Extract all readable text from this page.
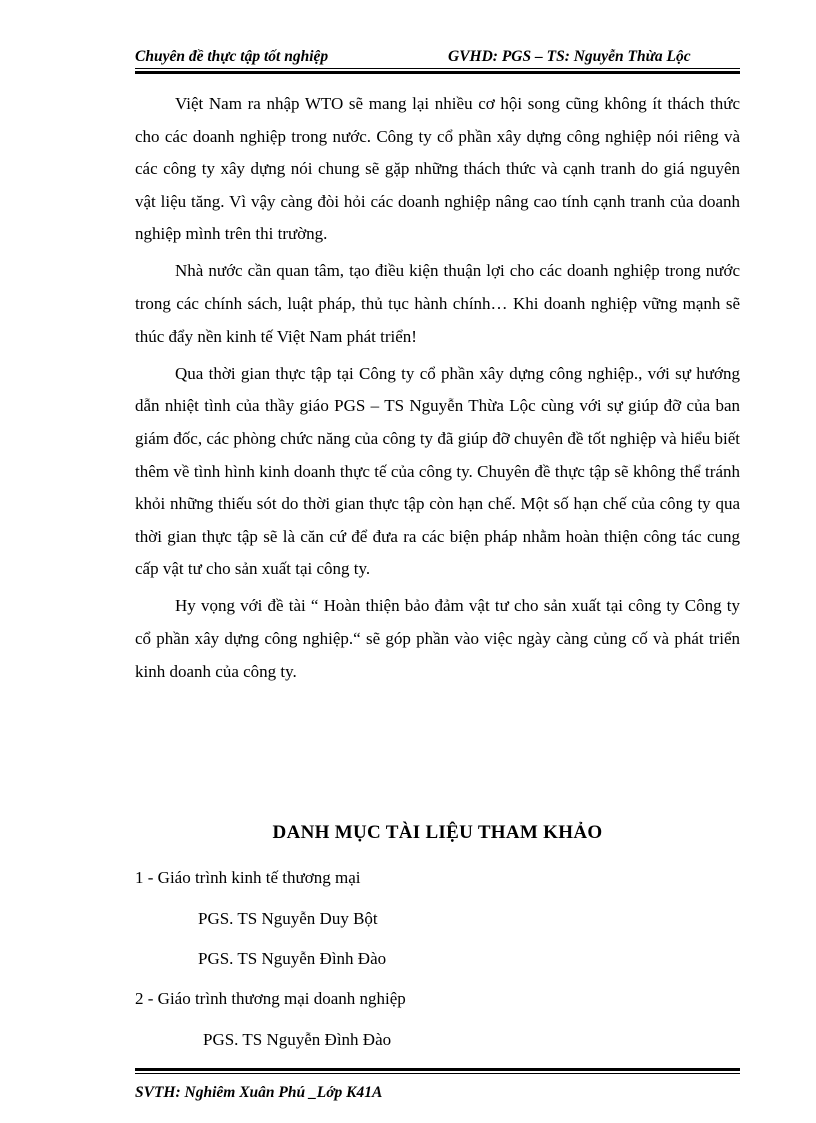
Chuyên đề thực tập tốt nghiệp	GVHD: PGS – TS: Nguyễn Thừa Lộc

Việt Nam ra nhập WTO sẽ mang lại nhiều cơ hội song cũng không ít thách thức cho các doanh nghiệp trong nước. Công ty cổ phần xây dựng công nghiệp nói riêng và các công ty xây dựng nói chung sẽ gặp những thách thức và cạnh tranh do giá nguyên vật liệu tăng. Vì vậy càng đòi hỏi các doanh nghiệp nâng cao tính cạnh tranh của doanh nghiệp mình trên thi trường.

Nhà nước cần quan tâm, tạo điều kiện thuận lợi cho các doanh nghiệp trong nước trong các chính sách, luật pháp, thủ tục hành chính… Khi doanh nghiệp vững mạnh sẽ thúc đẩy nền kinh tế Việt Nam phát triển!

Qua thời gian thực tập tại Công ty cổ phần xây dựng công nghiệp., với sự hướng dẫn nhiệt tình của thầy giáo PGS – TS Nguyễn Thừa Lộc cùng với sự giúp đỡ của ban giám đốc, các phòng chức năng của công ty đã giúp đỡ chuyên đề tốt nghiệp và hiểu biết thêm về tình hình kinh doanh thực tế của công ty. Chuyên đề thực tập sẽ không thể tránh khỏi những thiếu sót do thời gian thực tập còn hạn chế. Một số hạn chế của công ty qua thời gian thực tập sẽ là căn cứ để đưa ra các biện pháp nhằm hoàn thiện công tác cung cấp vật tư cho sản xuất tại công ty.

Hy vọng với đề tài “ Hoàn thiện bảo đảm vật tư cho sản xuất tại công ty Công ty cổ phần xây dựng công nghiệp.“ sẽ góp phần vào việc ngày càng củng cố và phát triển kinh doanh của công ty.

DANH MỤC TÀI LIỆU THAM KHẢO
1 - Giáo trình kinh tế thương mại
PGS. TS Nguyễn Duy Bột
PGS. TS Nguyễn Đình Đào
2 - Giáo trình thương mại doanh nghiệp
PGS. TS Nguyễn Đình Đào
SVTH: Nghiêm Xuân Phú _Lớp K41A
